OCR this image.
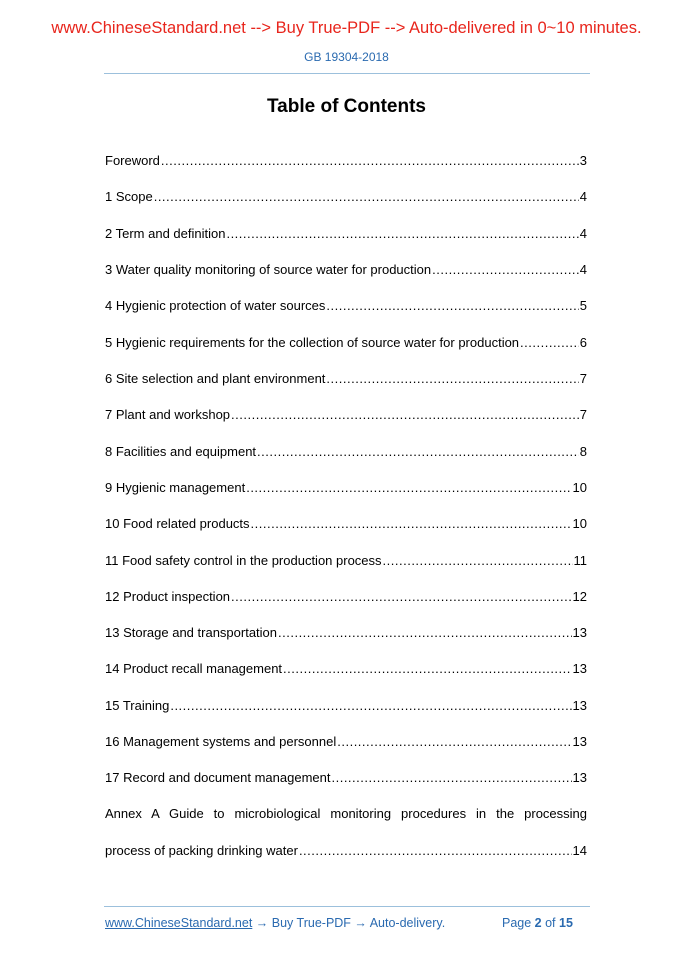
www.ChineseStandard.net --> Buy True-PDF --> Auto-delivered in 0~10 minutes.
GB 19304-2018
Table of Contents
Foreword .....	3
1 Scope .....	4
2 Term and definition .....	4
3 Water quality monitoring of source water for production .....	4
4 Hygienic protection of water sources .....	5
5 Hygienic requirements for the collection of source water for production .....	6
6 Site selection and plant environment .....	7
7 Plant and workshop .....	7
8 Facilities and equipment .....	8
9 Hygienic management .....	10
10 Food related products .....	10
11 Food safety control in the production process .....	11
12 Product inspection .....	12
13 Storage and transportation .....	13
14 Product recall management .....	13
15 Training .....	13
16 Management systems and personnel .....	13
17 Record and document management .....	13
Annex A Guide to microbiological monitoring procedures in the processing
process of packing drinking water .....	14
www.ChineseStandard.net → Buy True-PDF → Auto-delivery.	Page 2 of 15
